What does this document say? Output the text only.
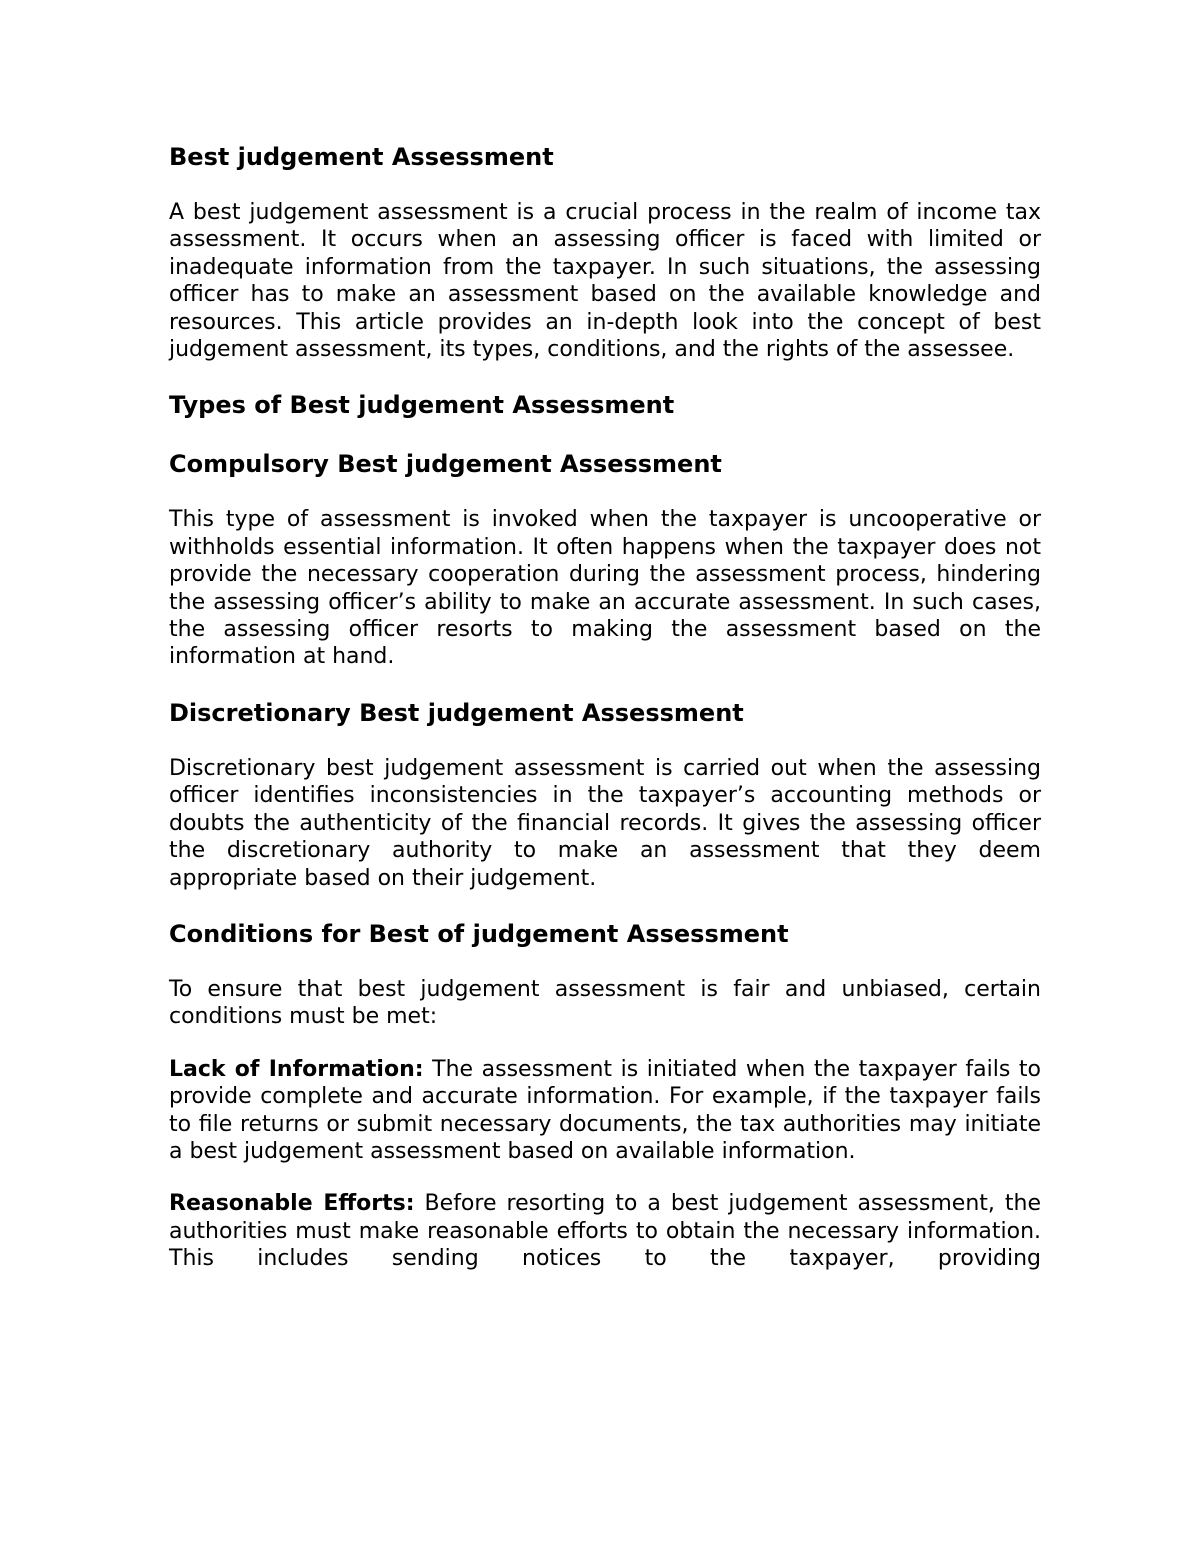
Best judgement Assessment

A best judgement assessment is a crucial process in the realm of income tax assessment. It occurs when an assessing officer is faced with limited or inadequate information from the taxpayer. In such situations, the assessing officer has to make an assessment based on the available knowledge and resources. This article provides an in-depth look into the concept of best judgement assessment, its types, conditions, and the rights of the assessee.

Types of Best judgement Assessment
Compulsory Best judgement Assessment

This type of assessment is invoked when the taxpayer is uncooperative or withholds essential information. It often happens when the taxpayer does not provide the necessary cooperation during the assessment process, hindering the assessing officer’s ability to make an accurate assessment. In such cases, the assessing officer resorts to making the assessment based on the information at hand.

Discretionary Best judgement Assessment

Discretionary best judgement assessment is carried out when the assessing officer identifies inconsistencies in the taxpayer’s accounting methods or doubts the authenticity of the financial records. It gives the assessing officer the discretionary authority to make an assessment that they deem appropriate based on their judgement.

Conditions for Best of judgement Assessment

To ensure that best judgement assessment is fair and unbiased, certain conditions must be met:

Lack of Information: The assessment is initiated when the taxpayer fails to provide complete and accurate information. For example, if the taxpayer fails to file returns or submit necessary documents, the tax authorities may initiate a best judgement assessment based on available information.

Reasonable Efforts: Before resorting to a best judgement assessment, the authorities must make reasonable efforts to obtain the necessary information. This includes sending notices to the taxpayer, providing
